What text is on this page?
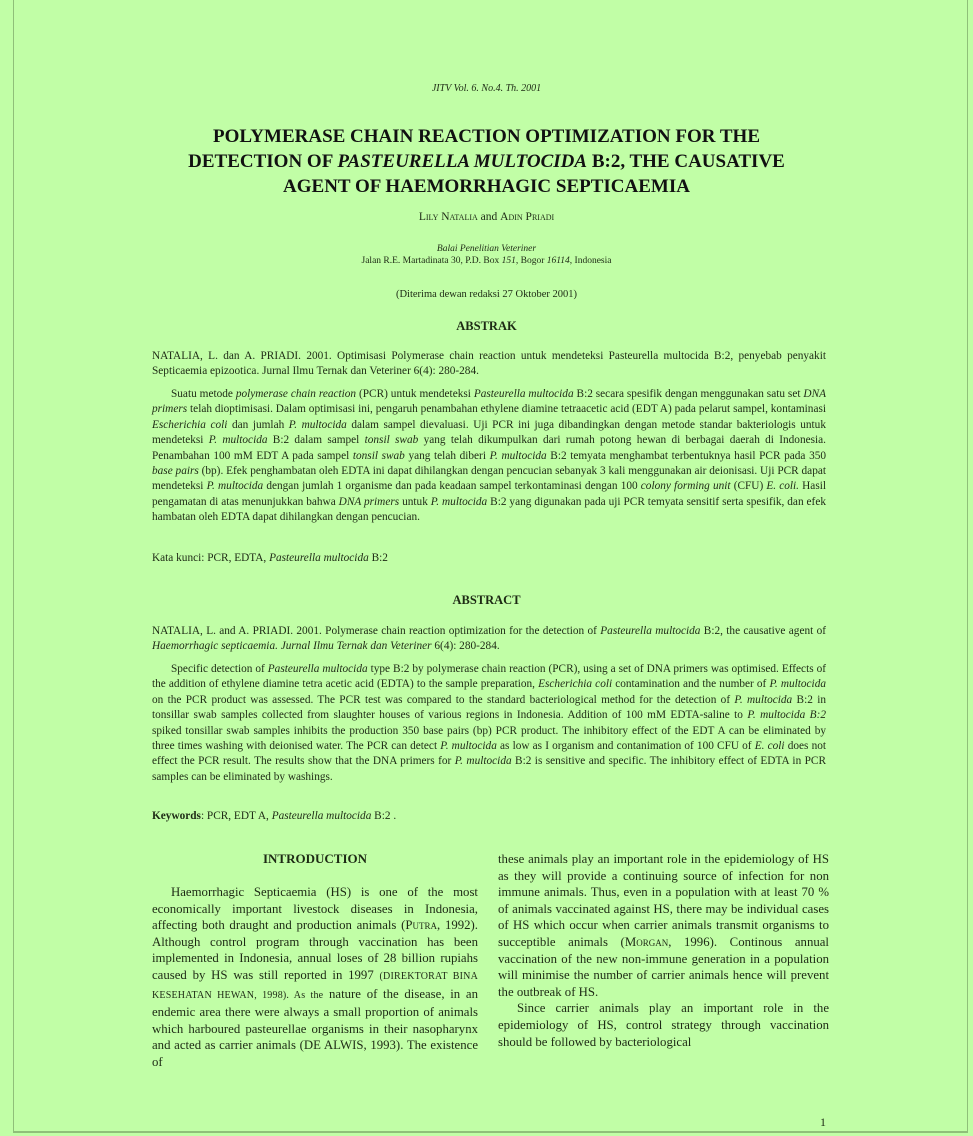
JITV Vol. 6. No.4. Th. 2001
POLYMERASE CHAIN REACTION OPTIMIZATION FOR THE
DETECTION OF PASTEURELLA MULTOCIDA B:2, THE CAUSATIVE
AGENT OF HAEMORRHAGIC SEPTICAEMIA
Lily Natalia and Adin Priadi
Balai Penelitian Veteriner
Jalan R.E. Martadinata 30, P.D. Box 151, Bogor 16114, Indonesia
(Diterima dewan redaksi 27 Oktober 2001)
ABSTRAK
NATALIA, L. dan A. PRIADI. 2001. Optimisasi Polymerase chain reaction untuk mendeteksi Pasteurella multocida B:2, penyebab penyakit Septicaemia epizootica. Jurnal Ilmu Ternak dan Veteriner 6(4): 280-284.
Suatu metode polymerase chain reaction (PCR) untuk mendeteksi Pasteurella multocida B:2 secara spesifik dengan menggunakan satu set DNA primers telah dioptimisasi. Dalam optimisasi ini, pengaruh penambahan ethylene diamine tetraacetic acid (EDT A) pada pelarut sampel, kontaminasi Escherichia coli dan jumlah P. multocida dalam sampel dievaluasi. Uji PCR ini juga dibandingkan dengan metode standar bakteriologis untuk mendeteksi P. multocida B:2 dalam sampel tonsil swab yang telah dikumpulkan dari rumah potong hewan di berbagai daerah di Indonesia. Penambahan 100 mM EDT A pada sampel tonsil swab yang telah diberi P. multocida B:2 temyata menghambat terbentuknya hasil PCR pada 350 base pairs (bp). Efek penghambatan oleh EDTA ini dapat dihilangkan dengan pencucian sebanyak 3 kali menggunakan air deionisasi. Uji PCR dapat mendeteksi P. multocida dengan jumlah 1 organisme dan pada keadaan sampel terkontaminasi dengan 100 colony forming unit (CFU) E. coli. Hasil pengamatan di atas menunjukkan bahwa DNA primers untuk P. multocida B:2 yang digunakan pada uji PCR temyata sensitif serta spesifik, dan efek hambatan oleh EDTA dapat dihilangkan dengan pencucian.
Kata kunci: PCR, EDTA, Pasteurella multocida B:2
ABSTRACT
NATALIA, L. and A. PRIADI. 2001. Polymerase chain reaction optimization for the detection of Pasteurella multocida B:2, the causative agent of Haemorrhagic septicaemia. Jurnal Ilmu Ternak dan Veteriner 6(4): 280-284.
Specific detection of Pasteurella multocida type B:2 by polymerase chain reaction (PCR), using a set of DNA primers was optimised. Effects of the addition of ethylene diamine tetra acetic acid (EDTA) to the sample preparation, Escherichia coli contamination and the number of P. multocida on the PCR product was assessed. The PCR test was compared to the standard bacteriological method for the detection of P. multocida B:2 in tonsillar swab samples collected from slaughter houses of various regions in Indonesia. Addition of 100 mM EDTA-saline to P. multocida B:2 spiked tonsillar swab samples inhibits the production 350 base pairs (bp) PCR product. The inhibitory effect of the EDT A can be eliminated by three times washing with deionised water. The PCR can detect P. multocida as low as I organism and contanimation of 100 CFU of E. coli does not effect the PCR result. The results show that the DNA primers for P. multocida B:2 is sensitive and specific. The inhibitory effect of EDTA in PCR samples can be eliminated by washings.
Keywords: PCR, EDT A, Pasteurella multocida B:2 .
INTRODUCTION
Haemorrhagic Septicaemia (HS) is one of the most economically important livestock diseases in Indonesia, affecting both draught and production animals (Putra, 1992). Although control program through vaccination has been implemented in Indonesia, annual loses of 28 billion rupiahs caused by HS was still reported in 1997 (DIREKTORAT BINA KESEHATAN HEWAN, 1998). As the nature of the disease, in an endemic area there were always a small proportion of animals which harboured pasteurellae organisms in their nasopharynx and acted as carrier animals (DE ALWIS, 1993). The existence of
these animals play an important role in the epidemiology of HS as they will provide a continuing source of infection for non immune animals. Thus, even in a population with at least 70 % of animals vaccinated against HS, there may be individual cases of HS which occur when carrier animals transmit organisms to succeptible animals (Morgan, 1996). Continous annual vaccination of the new non-immune generation in a population will minimise the number of carrier animals hence will prevent the outbreak of HS.
Since carrier animals play an important role in the epidemiology of HS, control strategy through vaccination should be followed by bacteriological
1
